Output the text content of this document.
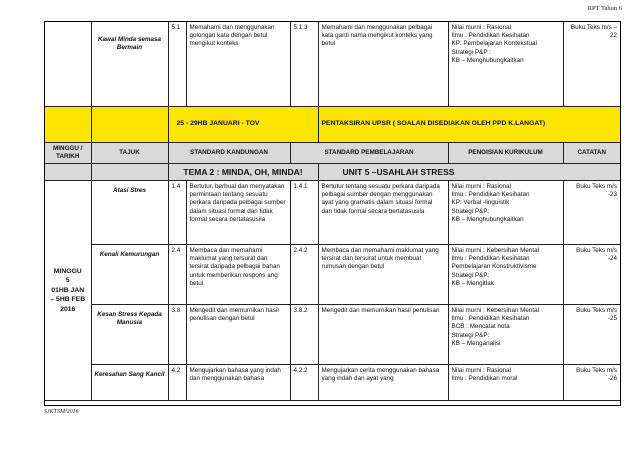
RPT Tahun 6
	Kawal Minda semasa Bermain	5.1	Memahami dan menggunakan golongan kata dengan betul mengikut konteks	5.1.3	Memahami dan menggunakan pelbagai kata ganti nama mengikut konteks yang betul	Nilai murni : Rasional
Ilmu : Pendidikan Kesihatan
KP: Pembelajaran Kontekstual
Strategi P&P :
KB – Menghubungkaitkan	Buku Teks m/s – 22
		25 - 29HB JANUARI - TOV			PENTAKSIRAN UPSR ( SOALAN DISEDIAKAN OLEH PPD K.LANGAT)		
MINGGU / TARIKH	TAJUK	STANDARD KANDUNGAN		STANDARD PEMBELAJARAN		PENGISIAN KURIKULUM	CATATAN
		TEMA 2 : MINDA, OH, MINDA!			UNIT 5 –USAHLAH STRESS		

MINGGU
5
01HB JAN
– 5HB FEB
2016	Atasi Stres	1.4	Bertutur, berbual dan menyatakan permintaan tentang sesuatu perkara daripada pelbagai sumber dalam situasi formal dan tidak formal secara bertatasusila	1.4.1	Bertutur tentang sesuatu perkara daripada pelbagai sumber dengan menggunakan ayat yang gramatis dalam situasi formal dan tidak formal secara bertatasusila	Nilai murni : Rasional
Ilmu : Pendidikan Kesihatan
KP: Verbal -linguistik
Strategi P&P:
KB – Menghubungkaitkan	Buku Teks m/s -23
	Kenali Kemurungan	2.4	Membaca dan memahami maklumat yang tersurat dan tersirat daripada pelbagai bahan untuk memberikan respons ang betul	2.4.2	Membaca dan memahami maklumat yang tersirat dan tersurat untuk membuat rumusan dengan betul	Nilai murni : Kebersihan Mental
Ilmu : Pendidikan Kesihatan
Pembelajaran Konstruktivisme
Strategi P&P:
KB – Mengitlak	Buku Teks m/s -24
	Kesan Stress Kepada Manusia	3.8	Mengedit dan memurnikan hasil penulisan dengan betul	3.8.2	Mengedit dan memurnikan hasil penulisan	Nilai murni : Kebersihan Mental
Ilmu : Pendidikan Kesihatan
BCB : Mencatat nota
Strategi P&P:
KB – Menganalisi	Buku Teks m/s -25
	Keresahan Sang Kancil	4.2	Mengujarkan bahasa yang indah dan menggunakan bahasa	4.2.2	Mengujarkan cerita menggunakan bahasa yang indah dan ayat yang	Nilai murni : Rasional
Ilmu : Pendidikan moral	Buku Teks m/s -26
SJKTSM/2016
